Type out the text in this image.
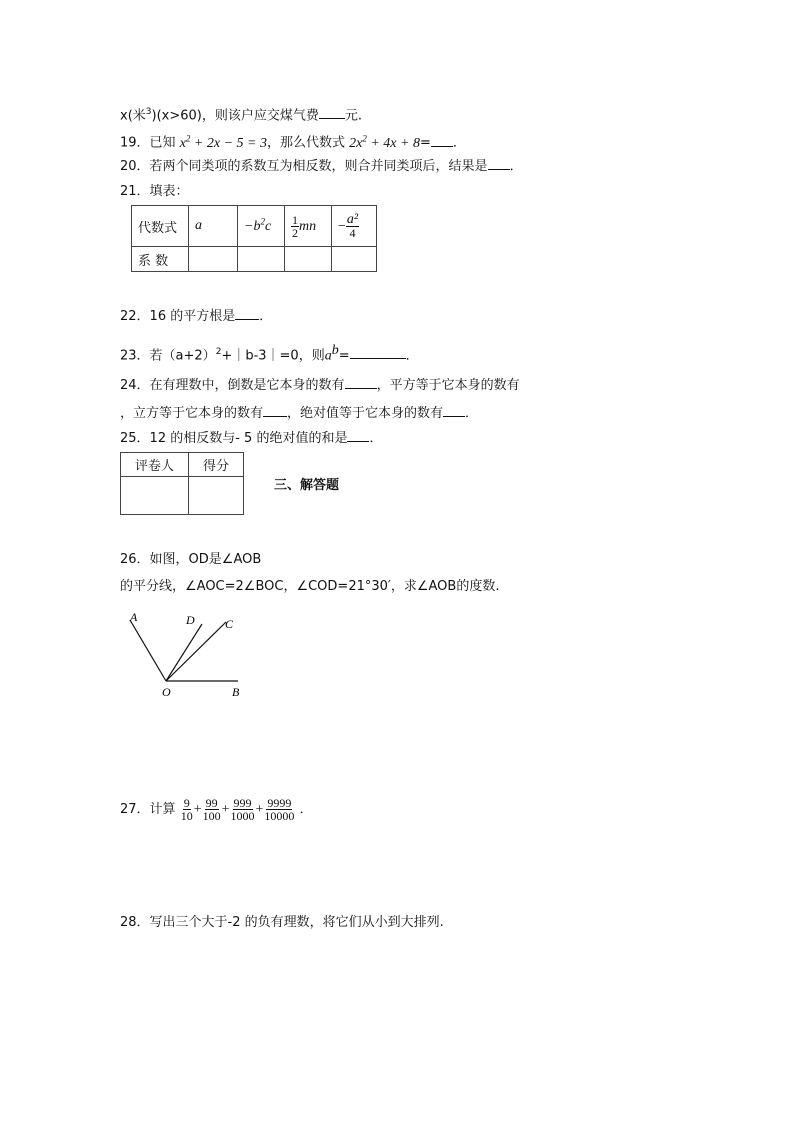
x(米$^3$)(x>60)，则该户应交煤气费 元.
19．已知 $x^2 + 2x - 5 = 3$，那么代数式 $2x^2 + 4x + 8=$ ．
20．若两个同类项的系数互为相反数，则合并同类项后，结果是 ．
21．填表：
代数式	a	$-b^2c$	$\frac{1}{2}$ mn	− $\frac{\text{a²}}{4}$

系 数				
22．16 的平方根是 ．
23．若$(a+2)^2+|b-3|=0$，则$a^b=$	．
24．在有理数中，倒数是它本身的数有 ，平方等于它本身的数有
，立方等于它本身的数有 ，绝对值等于它本身的数有 ．
25．12 的相反数与- 5 的绝对值的和是 ．
评卷人	得分

三、解答题
26．如图，OD是∠AOB
的平分线，∠AOC=2∠BOC，∠COD=21°30′，求∠AOB的度数.
A	D	C
O	B
27．计算 $\frac{9}{10} + \frac{99}{100} + \frac{999}{1000} + \frac{9999}{10000}$ ．
28．写出三个大于-2 的负有理数，将它们从小到大排列.
